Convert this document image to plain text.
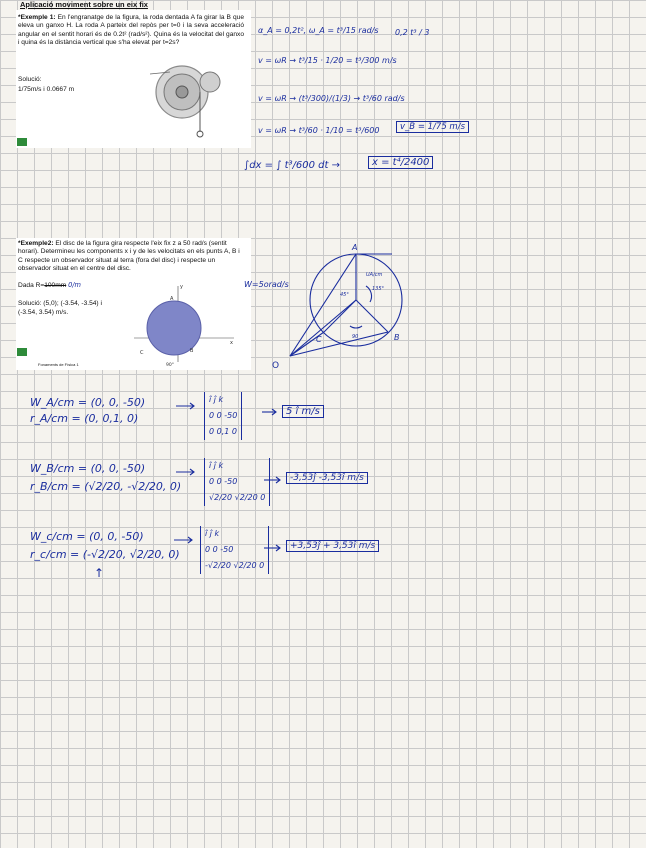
Aplicació moviment sobre un eix fix
*Exemple 1: En l'engranatge de la figura, la roda dentada A fa girar la B que eleva un ganxo H. La roda A parteix del repòs per t=0 i la seva acceleració angular en el sentit horari és de 0.2t² (rad/s²). Quina és la velocitat del ganxo i quina és la distància vertical que s'ha elevat per t=2s?
Solució:
1/75m/s i 0.0667 m
*Exemple2: El disc de la figura gira respecte l'eix fix z a 50 rad/s (sentit horari). Determineu les components x i y de les velocitats en els punts A, B i C respecte un observador situat al terra (fora del disc) i respecte un observador situat en el centre del disc.
Dada R=100mm 0/m
Solució: (5,0); (-3.54, -3.54) i
(-3.54, 3.54) m/s.
y
x
A
B
C
90°
Fonaments de Física 1
α_A = 0,2t², ω_A = t³/15 rad/s 0,2 t³ / 3
v = ωR → t³/15 · 1/20 = t³/300 m/s
v = ωR → (t³/300)/(1/3) → t³/60 rad/s
v = ωR → t³/60 · 1/10 = t³/600	v_B = 1/75 m/s
∫dx = ∫ t³/600 dt →	x = t⁴/2400
W=5orad/s
A
B
C
O
UA/cm
135°
45°
90
W_A/cm = (0, 0, -50)
r_A/cm = (0, 0,1, 0)
î ĵ k
0 0 -50
0 0,1 0
5 î m/s
W_B/cm = (0, 0, -50)
r_B/cm = (√2/20, -√2/20, 0)
î ĵ k
0 0 -50
√2/20 √2/20 0
-3,53ĵ -3,53î m/s
W_c/cm = (0, 0, -50)
r_c/cm = (-√2/20, √2/20, 0)
↑
î ĵ k
0 0 -50
-√2/20 √2/20 0
+3,53ĵ + 3,53î m/s
